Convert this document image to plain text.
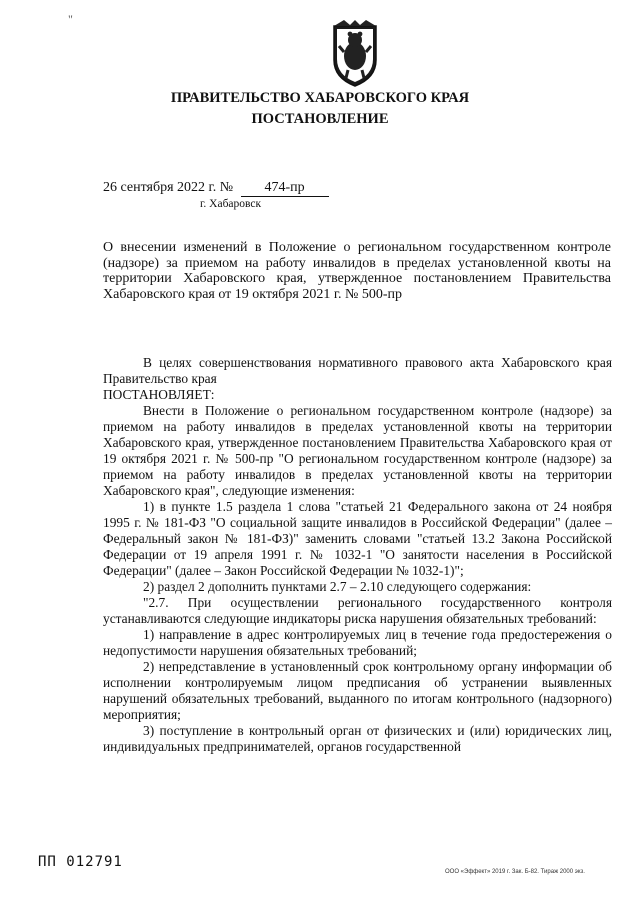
"
ПРАВИТЕЛЬСТВО ХАБАРОВСКОГО КРАЯ
ПОСТАНОВЛЕНИЕ
26 сентября 2022 г. № 474-пр
г. Хабаровск
О внесении изменений в Положение о региональном государственном контроле (надзоре) за приемом на работу инвалидов в пределах установленной квоты на территории Хабаровского края, утвержденное постановлением Правительства Хабаровского края от 19 октября 2021 г. № 500-пр

В целях совершенствования нормативного правового акта Хабаровского края Правительство края

ПОСТАНОВЛЯЕТ:

Внести в Положение о региональном государственном контроле (надзоре) за приемом на работу инвалидов в пределах установленной квоты на территории Хабаровского края, утвержденное постановлением Правительства Хабаровского края от 19 октября 2021 г. № 500-пр "О региональном государственном контроле (надзоре) за приемом на работу инвалидов в пределах установленной квоты на территории Хабаровского края", следующие изменения:

1) в пункте 1.5 раздела 1 слова "статьей 21 Федерального закона от 24 ноября 1995 г. № 181-ФЗ "О социальной защите инвалидов в Российской Федерации" (далее – Федеральный закон № 181-ФЗ)" заменить словами "статьей 13.2 Закона Российской Федерации от 19 апреля 1991 г. № 1032-1 "О занятости населения в Российской Федерации" (далее – Закон Российской Федерации № 1032-1)";

2) раздел 2 дополнить пунктами 2.7 – 2.10 следующего содержания:

"2.7. При осуществлении регионального государственного контроля устанавливаются следующие индикаторы риска нарушения обязательных требований:

1) направление в адрес контролируемых лиц в течение года предостережения о недопустимости нарушения обязательных требований;

2) непредставление в установленный срок контрольному органу информации об исполнении контролируемым лицом предписания об устранении выявленных нарушений обязательных требований, выданного по итогам контрольного (надзорного) мероприятия;

3) поступление в контрольный орган от физических и (или) юридических лиц, индивидуальных предпринимателей, органов государственной

ПП 012791
ООО «Эффект» 2019 г. Зак. Б-82. Тираж 2000 экз.
